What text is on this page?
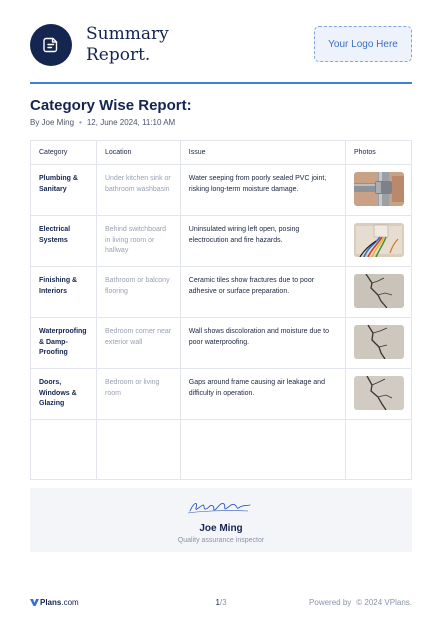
Summary
Report.
Your Logo Here
Category Wise Report:
By Joe Ming • 12, June 2024, 11:10 AM
Category	Location	Issue	Photos
Plumbing & Sanitary	Under kitchen sink or bathroom washbasin	Water seeping from poorly sealed PVC joint, risking long-term moisture damage.	

Electrical Systems	Behind switchboard in living room or hallway	Uninsulated wiring left open, posing electrocution and fire hazards.	

Finishing & Interiors	Bathroom or balcony flooring	Ceramic tiles show fractures due to poor adhesive or surface preparation.	

Waterproofing & Damp-Proofing	Bedroom corner near exterior wall	Wall shows discoloration and moisture due to poor waterproofing.	

Doors, Windows & Glazing	Bedroom or living room	Gaps around frame causing air leakage and difficulty in operation.	

Joe Ming
Quality assurance inspector
Plans .com	1/3	Powered by © 2024 VPlans.
